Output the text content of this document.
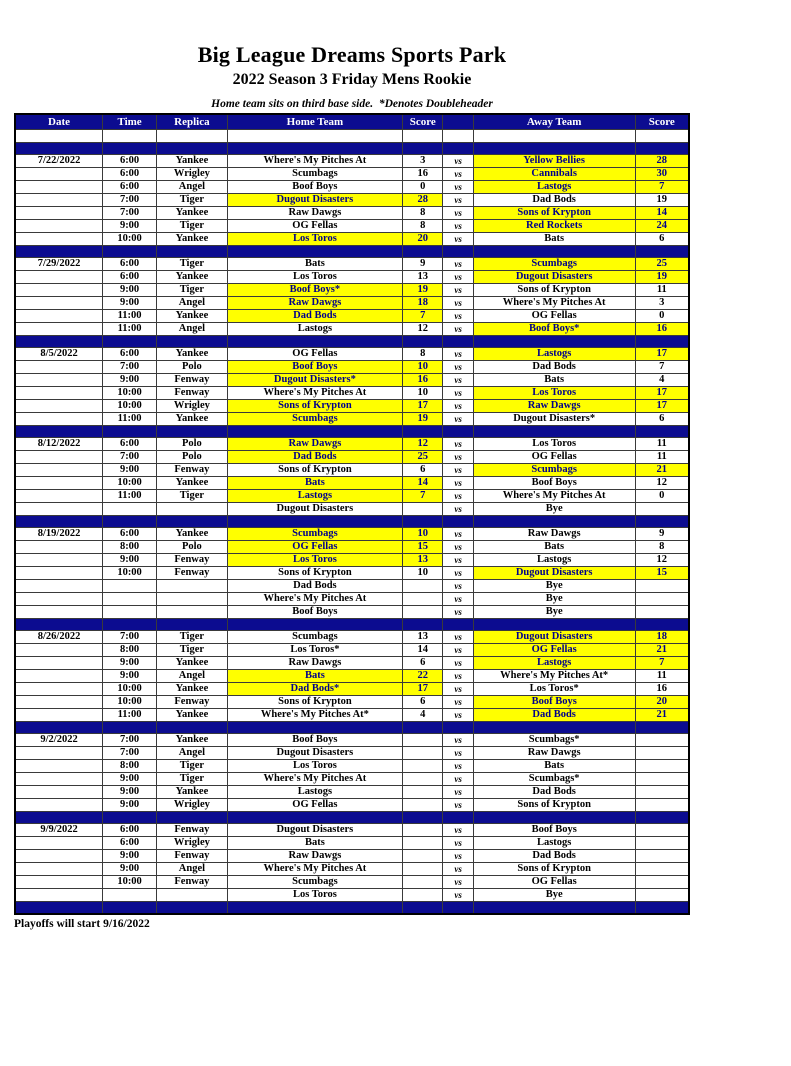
Big League Dreams Sports Park
2022 Season 3 Friday Mens Rookie
Home team sits on third base side.  *Denotes Doubleheader
Date	Time	Replica	Home Team	Score		Away Team	Score

7/22/2022	6:00	Yankee	Where's My Pitches At	3	vs	Yellow Bellies	28
	6:00	Wrigley	Scumbags	16	vs	Cannibals	30
	6:00	Angel	Boof Boys	0	vs	Lastogs	7
	7:00	Tiger	Dugout Disasters	28	vs	Dad Bods	19
	7:00	Yankee	Raw Dawgs	8	vs	Sons of Krypton	14
	9:00	Tiger	OG Fellas	8	vs	Red Rockets	24
	10:00	Yankee	Los Toros	20	vs	Bats	6

7/29/2022	6:00	Tiger	Bats	9	vs	Scumbags	25
	6:00	Yankee	Los Toros	13	vs	Dugout Disasters	19
	9:00	Tiger	Boof Boys*	19	vs	Sons of Krypton	11
	9:00	Angel	Raw Dawgs	18	vs	Where's My Pitches At	3
	11:00	Yankee	Dad Bods	7	vs	OG Fellas	0
	11:00	Angel	Lastogs	12	vs	Boof Boys*	16

8/5/2022	6:00	Yankee	OG Fellas	8	vs	Lastogs	17
	7:00	Polo	Boof Boys	10	vs	Dad Bods	7
	9:00	Fenway	Dugout Disasters*	16	vs	Bats	4
	10:00	Fenway	Where's My Pitches At	10	vs	Los Toros	17
	10:00	Wrigley	Sons of Krypton	17	vs	Raw Dawgs	17
	11:00	Yankee	Scumbags	19	vs	Dugout Disasters*	6

8/12/2022	6:00	Polo	Raw Dawgs	12	vs	Los Toros	11
	7:00	Polo	Dad Bods	25	vs	OG Fellas	11
	9:00	Fenway	Sons of Krypton	6	vs	Scumbags	21
	10:00	Yankee	Bats	14	vs	Boof Boys	12
	11:00	Tiger	Lastogs	7	vs	Where's My Pitches At	0
			Dugout Disasters		vs	Bye	

8/19/2022	6:00	Yankee	Scumbags	10	vs	Raw Dawgs	9
	8:00	Polo	OG Fellas	15	vs	Bats	8
	9:00	Fenway	Los Toros	13	vs	Lastogs	12
	10:00	Fenway	Sons of Krypton	10	vs	Dugout Disasters	15
			Dad Bods		vs	Bye	
			Where's My Pitches At		vs	Bye	
			Boof Boys		vs	Bye	

8/26/2022	7:00	Tiger	Scumbags	13	vs	Dugout Disasters	18
	8:00	Tiger	Los Toros*	14	vs	OG Fellas	21
	9:00	Yankee	Raw Dawgs	6	vs	Lastogs	7
	9:00	Angel	Bats	22	vs	Where's My Pitches At*	11
	10:00	Yankee	Dad Bods*	17	vs	Los Toros*	16
	10:00	Fenway	Sons of Krypton	6	vs	Boof Boys	20
	11:00	Yankee	Where's My Pitches At*	4	vs	Dad Bods	21

9/2/2022	7:00	Yankee	Boof Boys		vs	Scumbags*	
	7:00	Angel	Dugout Disasters		vs	Raw Dawgs	
	8:00	Tiger	Los Toros		vs	Bats	
	9:00	Tiger	Where's My Pitches At		vs	Scumbags*	
	9:00	Yankee	Lastogs		vs	Dad Bods	
	9:00	Wrigley	OG Fellas		vs	Sons of Krypton	

9/9/2022	6:00	Fenway	Dugout Disasters		vs	Boof Boys	
	6:00	Wrigley	Bats		vs	Lastogs	
	9:00	Fenway	Raw Dawgs		vs	Dad Bods	
	9:00	Angel	Where's My Pitches At		vs	Sons of Krypton	
	10:00	Fenway	Scumbags		vs	OG Fellas	
			Los Toros		vs	Bye	

Playoffs will start 9/16/2022
